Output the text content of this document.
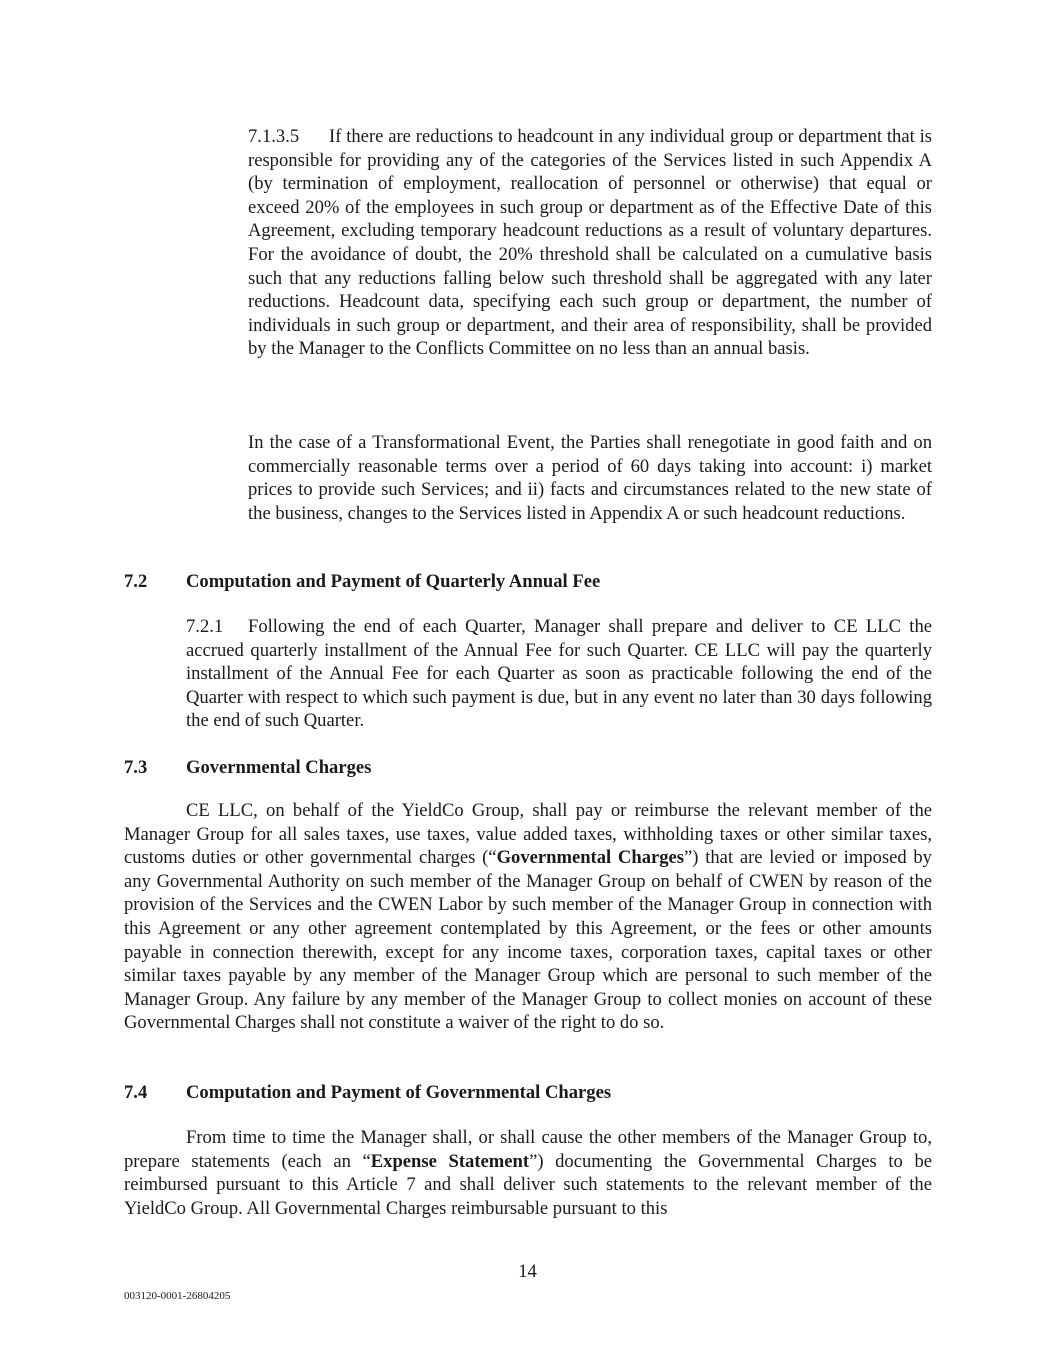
7.1.3.5 If there are reductions to headcount in any individual group or department that is responsible for providing any of the categories of the Services listed in such Appendix A (by termination of employment, reallocation of personnel or otherwise) that equal or exceed 20% of the employees in such group or department as of the Effective Date of this Agreement, excluding temporary headcount reductions as a result of voluntary departures. For the avoidance of doubt, the 20% threshold shall be calculated on a cumulative basis such that any reductions falling below such threshold shall be aggregated with any later reductions. Headcount data, specifying each such group or department, the number of individuals in such group or department, and their area of responsibility, shall be provided by the Manager to the Conflicts Committee on no less than an annual basis.

In the case of a Transformational Event, the Parties shall renegotiate in good faith and on commercially reasonable terms over a period of 60 days taking into account: i) market prices to provide such Services; and ii) facts and circumstances related to the new state of the business, changes to the Services listed in Appendix A or such headcount reductions.

7.2 Computation and Payment of Quarterly Annual Fee

7.2.1 Following the end of each Quarter, Manager shall prepare and deliver to CE LLC the accrued quarterly installment of the Annual Fee for such Quarter. CE LLC will pay the quarterly installment of the Annual Fee for each Quarter as soon as practicable following the end of the Quarter with respect to which such payment is due, but in any event no later than 30 days following the end of such Quarter.

7.3 Governmental Charges

CE LLC, on behalf of the YieldCo Group, shall pay or reimburse the relevant member of the Manager Group for all sales taxes, use taxes, value added taxes, withholding taxes or other similar taxes, customs duties or other governmental charges (“Governmental Charges”) that are levied or imposed by any Governmental Authority on such member of the Manager Group on behalf of CWEN by reason of the provision of the Services and the CWEN Labor by such member of the Manager Group in connection with this Agreement or any other agreement contemplated by this Agreement, or the fees or other amounts payable in connection therewith, except for any income taxes, corporation taxes, capital taxes or other similar taxes payable by any member of the Manager Group which are personal to such member of the Manager Group. Any failure by any member of the Manager Group to collect monies on account of these Governmental Charges shall not constitute a waiver of the right to do so.

7.4 Computation and Payment of Governmental Charges

From time to time the Manager shall, or shall cause the other members of the Manager Group to, prepare statements (each an “Expense Statement”) documenting the Governmental Charges to be reimbursed pursuant to this Article 7 and shall deliver such statements to the relevant member of the YieldCo Group. All Governmental Charges reimbursable pursuant to this

14
003120-0001-26804205
